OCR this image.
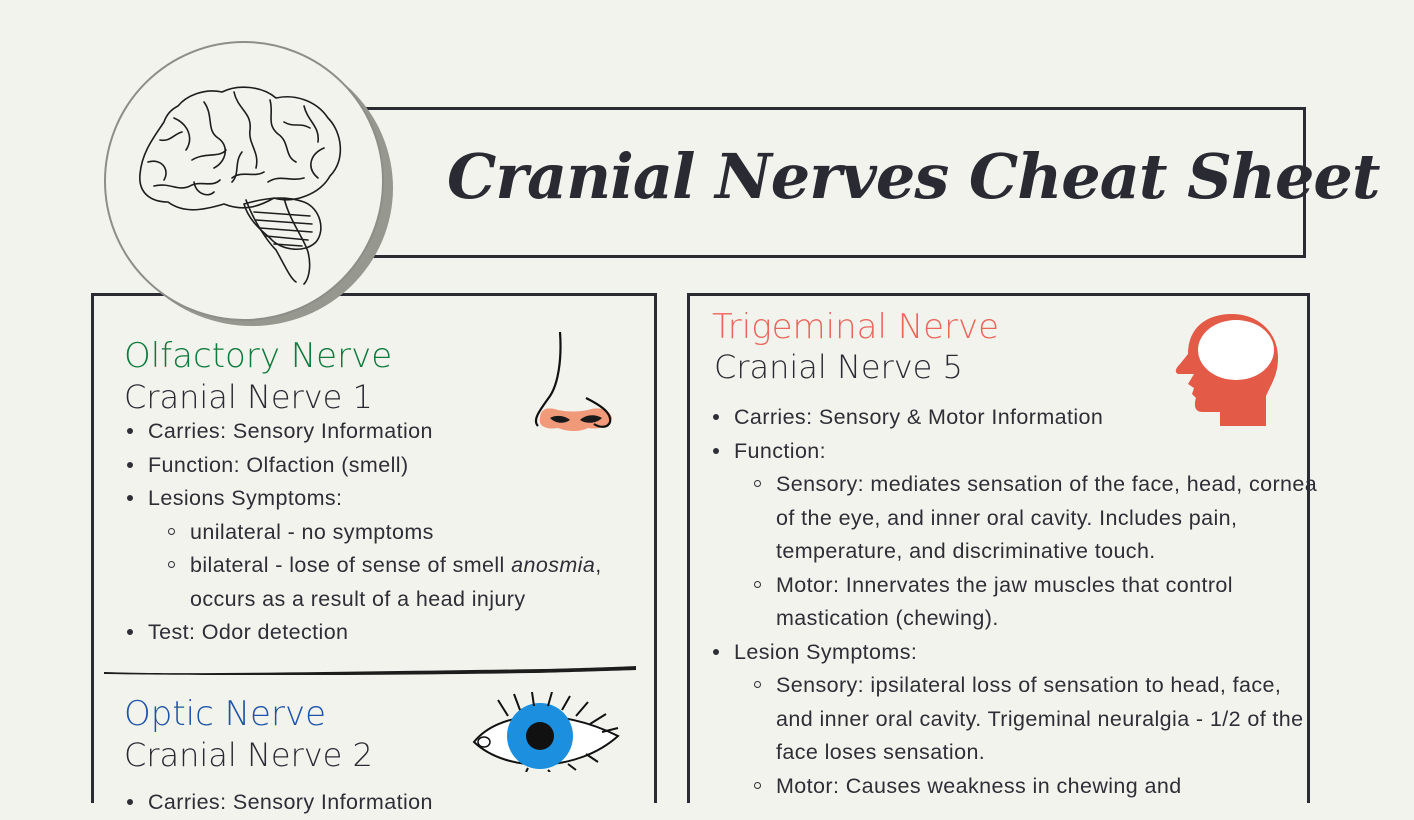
Cranial Nerves Cheat Sheet
Olfactory Nerve
Cranial Nerve 1
Carries: Sensory Information
Function: Olfaction (smell)
Lesions Symptoms:
unilateral - no symptoms
bilateral - lose of sense of smell anosmia, occurs as a result of a head injury
Test: Odor detection
Optic Nerve
Cranial Nerve 2
Carries: Sensory Information
Trigeminal Nerve
Cranial Nerve 5
Carries: Sensory & Motor Information
Function:
Sensory: mediates sensation of the face, head, cornea of the eye, and inner oral cavity. Includes pain, temperature, and discriminative touch.
Motor: Innervates the jaw muscles that control mastication (chewing).
Lesion Symptoms:
Sensory: ipsilateral loss of sensation to head, face, and inner oral cavity. Trigeminal neuralgia - 1/2 of the face loses sensation.
Motor: Causes weakness in chewing and
